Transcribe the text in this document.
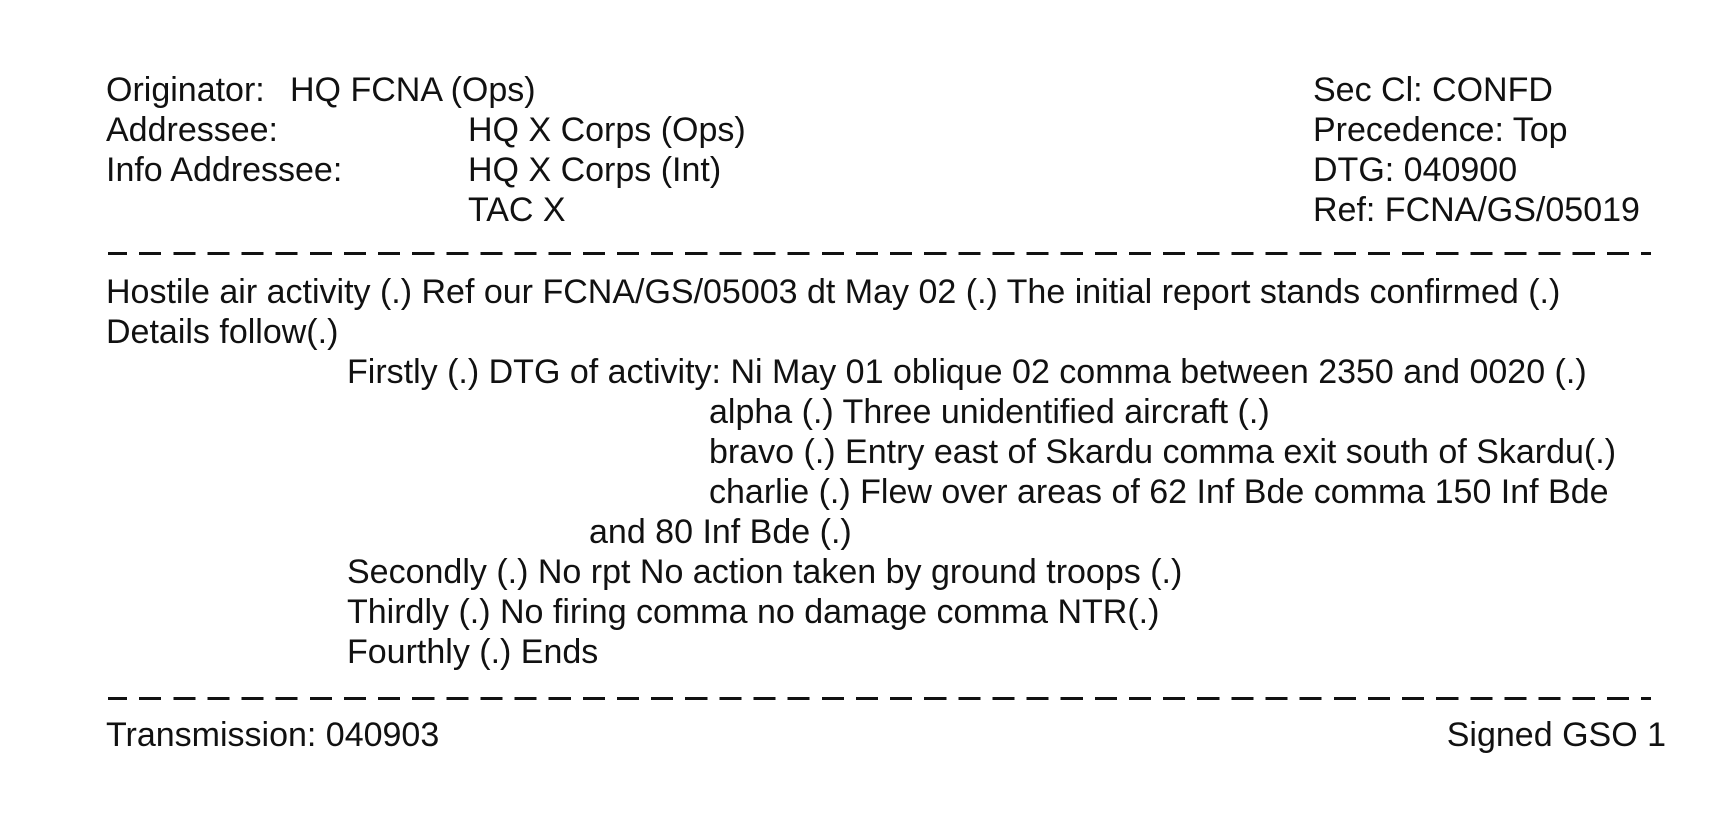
Originator: HQ FCNA (Ops)
Addressee:	HQ X Corps (Ops)
Info Addressee:	HQ X Corps (Int)
TAC X
Sec Cl: CONFD
Precedence: Top
DTG: 040900
Ref: FCNA/GS/05019
Hostile air activity (.) Ref our FCNA/GS/05003 dt May 02 (.) The initial report stands confirmed (.)
Details follow(.)
Firstly (.) DTG of activity: Ni May 01 oblique 02 comma between 2350 and 0020 (.)
alpha (.) Three unidentified aircraft (.)
bravo (.) Entry east of Skardu comma exit south of Skardu(.)
charlie (.) Flew over areas of 62 Inf Bde comma 150 Inf Bde
and 80 Inf Bde (.)
Secondly (.) No rpt No action taken by ground troops (.)
Thirdly (.) No firing comma no damage comma NTR(.)
Fourthly (.) Ends
Transmission: 040903	Signed GSO 1
